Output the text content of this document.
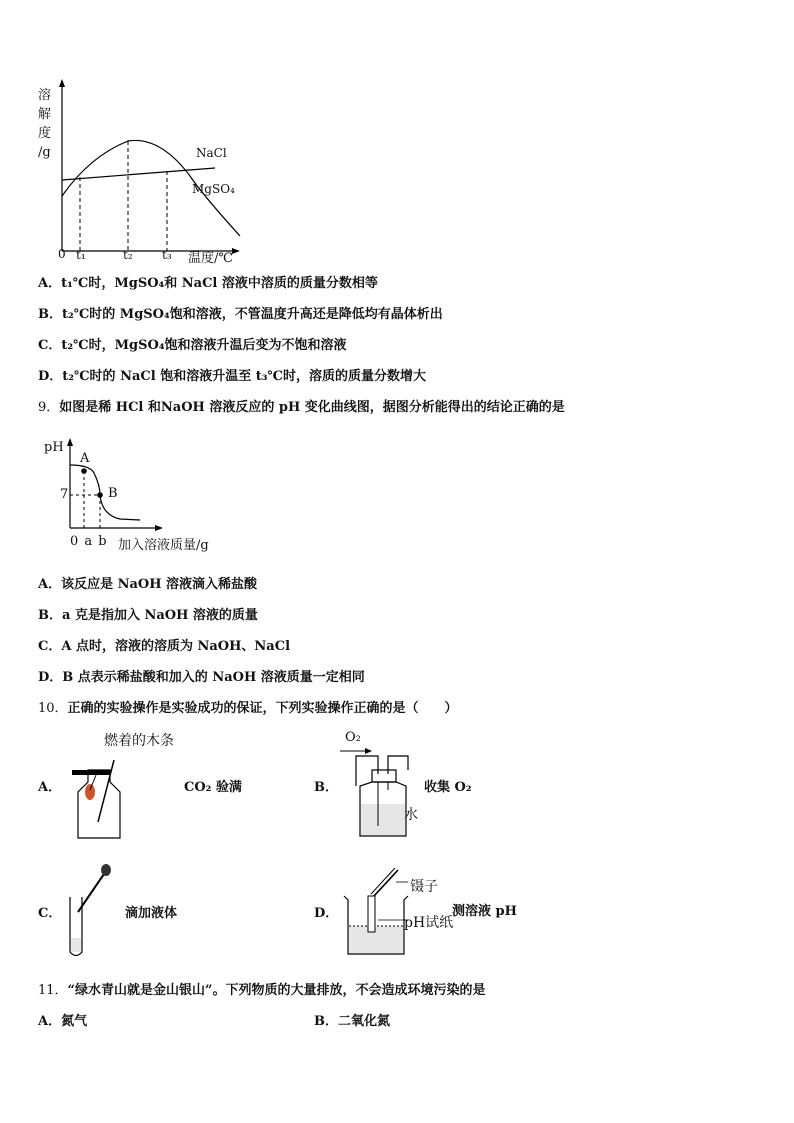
溶
解
度
/g	NaCl
MgSO₄
0 t₁	t₂ t₃ 温度/℃
A．t₁℃时，MgSO₄和 NaCl 溶液中溶质的质量分数相等
B．t₂℃时的 MgSO₄饱和溶液，不管温度升高还是降低均有晶体析出
C．t₂℃时，MgSO₄饱和溶液升温后变为不饱和溶液
D．t₂℃时的 NaCl 饱和溶液升温至 t₃℃时，溶质的质量分数增大
9．如图是稀 HCl 和NaOH 溶液反应的 pH 变化曲线图，据图分析能得出的结论正确的是
pH
7
A
B
0 a b 加入溶液质量/g
A．该反应是 NaOH 溶液滴入稀盐酸
B．a 克是指加入 NaOH 溶液的质量
C．A 点时，溶液的溶质为 NaOH、NaCl
D．B 点表示稀盐酸和加入的 NaOH 溶液质量一定相同
10．正确的实验操作是实验成功的保证，下列实验操作正确的是（　　）
A．
燃着的木条
CO₂ 验满	B．
O₂
水
收集 O₂
C．	滴加液体	D．
镊子
pH试纸
测溶液 pH
11．“绿水青山就是金山银山”。下列物质的大量排放，不会造成环境污染的是
A．氮气	B．二氧化氮
